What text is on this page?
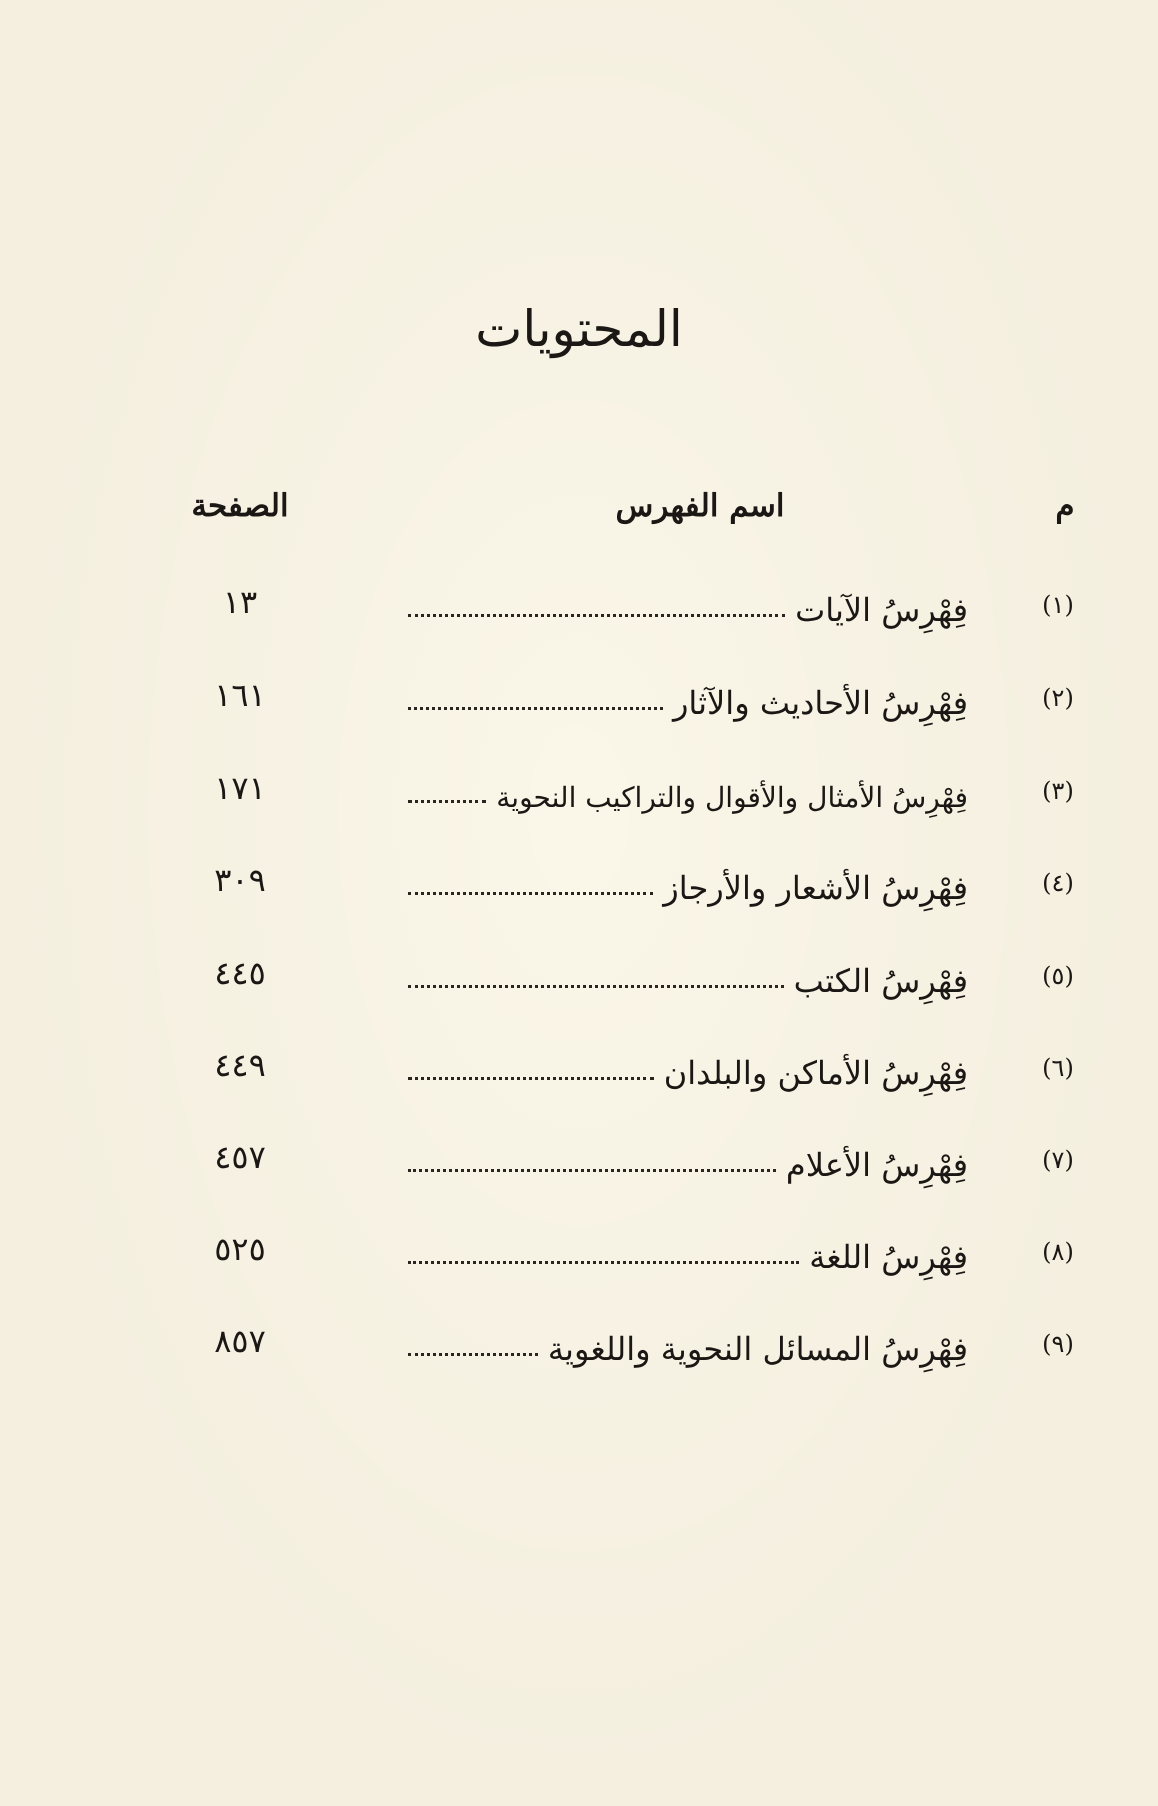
المحتويات
م
اسم الفهرس
الصفحة
(١)
فِهْرِسُ الآيات
١٣
(٢)
فِهْرِسُ الأحاديث والآثار
١٦١
(٣)
فِهْرِسُ الأمثال والأقوال والتراكيب النحوية
١٧١
(٤)
فِهْرِسُ الأشعار والأرجاز
٣٠٩
(٥)
فِهْرِسُ الكتب
٤٤٥
(٦)
فِهْرِسُ الأماكن والبلدان
٤٤٩
(٧)
فِهْرِسُ الأعلام
٤٥٧
(٨)
فِهْرِسُ اللغة
٥٢٥
(٩)
فِهْرِسُ المسائل النحوية واللغوية
٨٥٧
